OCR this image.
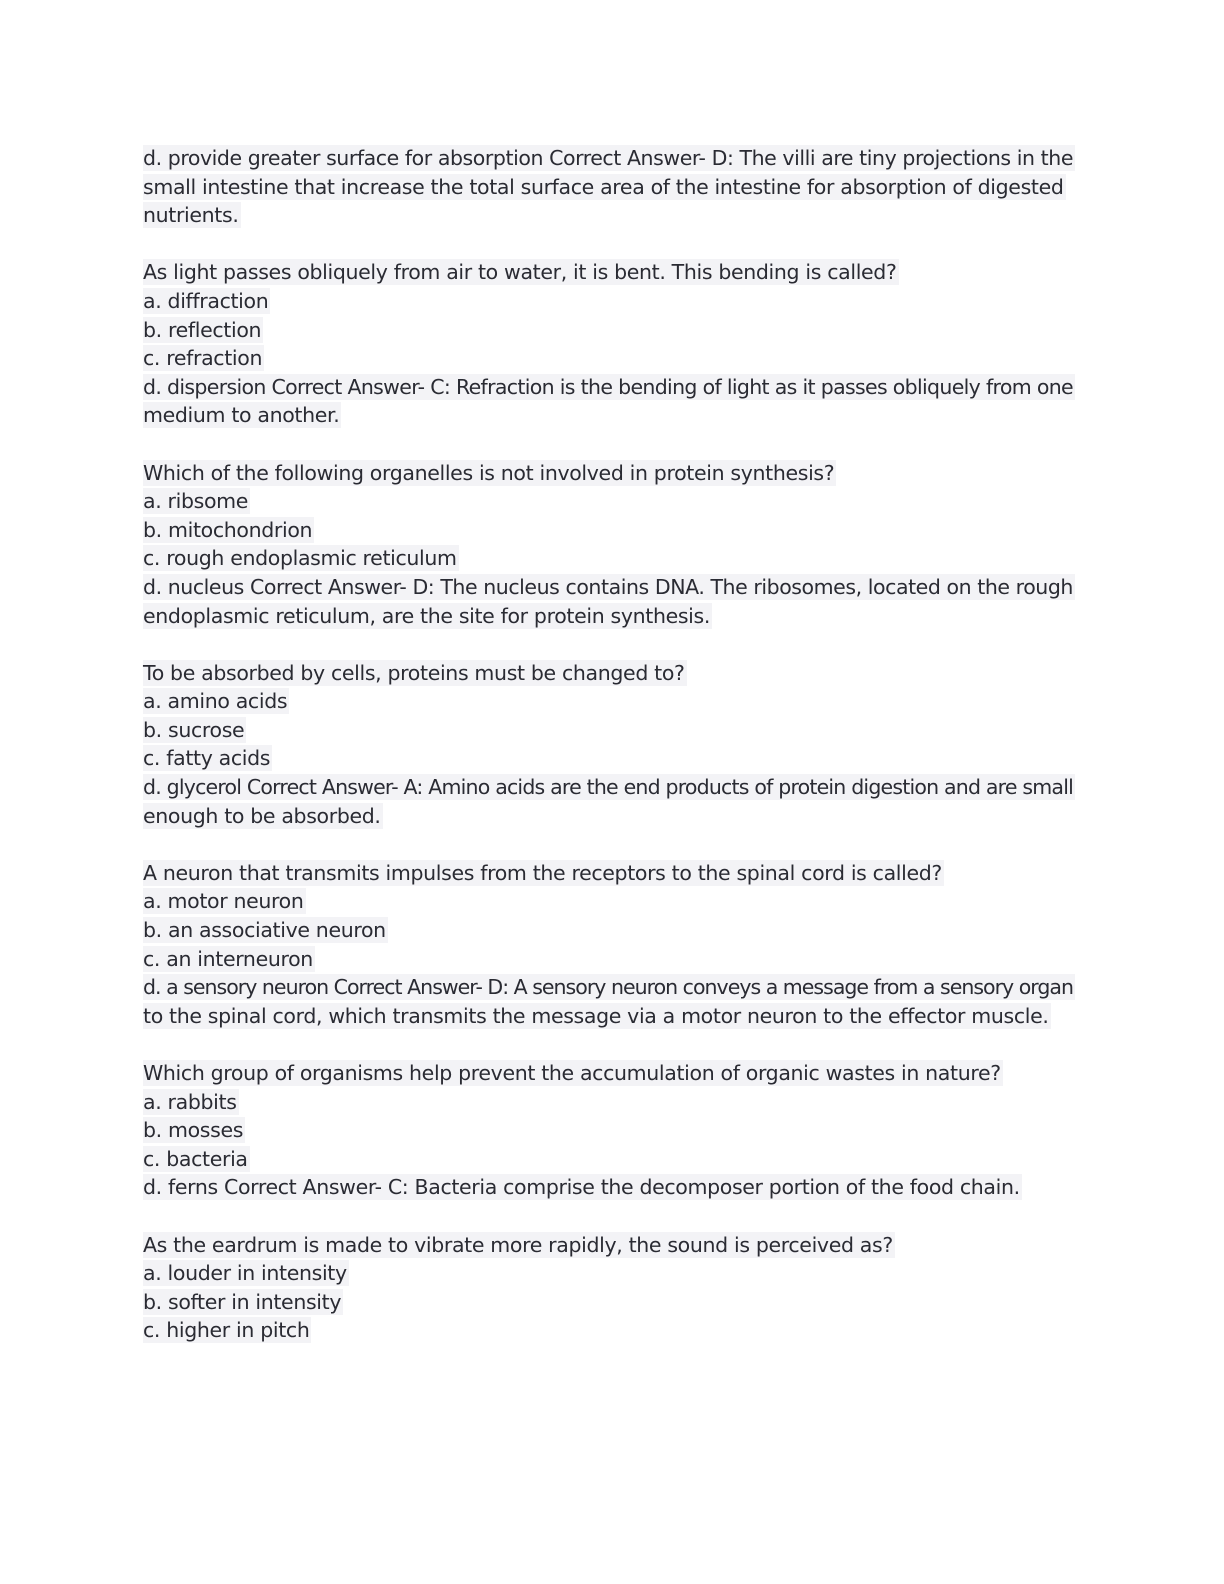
d. provide greater surface for absorption Correct Answer- D: The villi are tiny projections in the
small intestine that increase the total surface area of the intestine for absorption of digested
nutrients.
As light passes obliquely from air to water, it is bent. This bending is called?
a. diffraction
b. reflection
c. refraction
d. dispersion Correct Answer- C: Refraction is the bending of light as it passes obliquely from one
medium to another.
Which of the following organelles is not involved in protein synthesis?
a. ribsome
b. mitochondrion
c. rough endoplasmic reticulum
d. nucleus Correct Answer- D: The nucleus contains DNA. The ribosomes, located on the rough
endoplasmic reticulum, are the site for protein synthesis.
To be absorbed by cells, proteins must be changed to?
a. amino acids
b. sucrose
c. fatty acids
d. glycerol Correct Answer- A: Amino acids are the end products of protein digestion and are small
enough to be absorbed.
A neuron that transmits impulses from the receptors to the spinal cord is called?
a. motor neuron
b. an associative neuron
c. an interneuron
d. a sensory neuron Correct Answer- D: A sensory neuron conveys a message from a sensory organ
to the spinal cord, which transmits the message via a motor neuron to the effector muscle.
Which group of organisms help prevent the accumulation of organic wastes in nature?
a. rabbits
b. mosses
c. bacteria
d. ferns Correct Answer- C: Bacteria comprise the decomposer portion of the food chain.
As the eardrum is made to vibrate more rapidly, the sound is perceived as?
a. louder in intensity
b. softer in intensity
c. higher in pitch
